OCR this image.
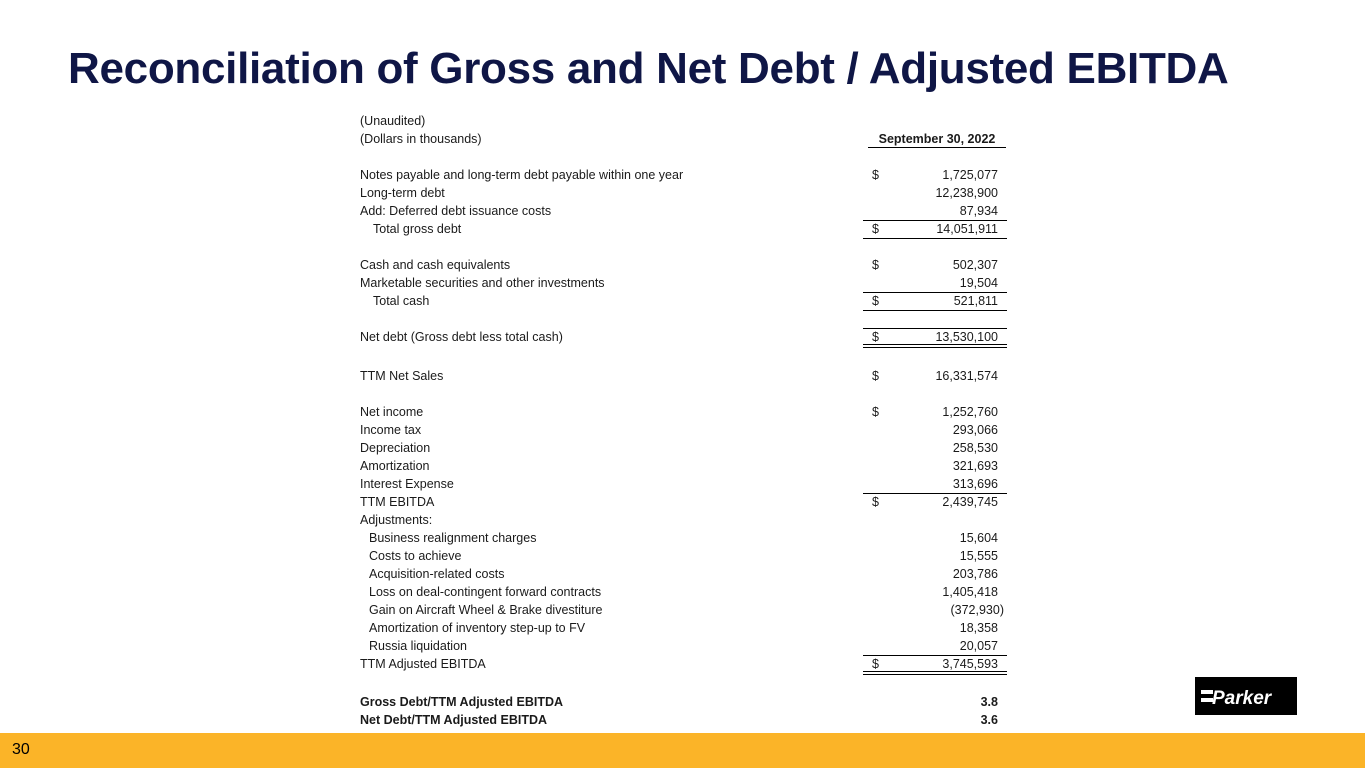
Reconciliation of Gross and Net Debt / Adjusted EBITDA
(Unaudited)
(Dollars in thousands)	September 30, 2022
Notes payable and long-term debt payable within one year	$	1,725,077
Long-term debt	12,238,900
Add: Deferred debt issuance costs	87,934
Total gross debt	$	14,051,911
Cash and cash equivalents	$	502,307
Marketable securities and other investments	19,504
Total cash	$	521,811
Net debt (Gross debt less total cash)	$	13,530,100
TTM Net Sales	$	16,331,574
Net income	$	1,252,760
Income tax	293,066
Depreciation	258,530
Amortization	321,693
Interest Expense	313,696
TTM EBITDA	$	2,439,745
Adjustments:
Business realignment charges	15,604
Costs to achieve	15,555
Acquisition-related costs	203,786
Loss on deal-contingent forward contracts	1,405,418
Gain on Aircraft Wheel & Brake divestiture	(372,930)
Amortization of inventory step-up to FV	18,358
Russia liquidation	20,057
TTM Adjusted EBITDA	$	3,745,593
Gross Debt/TTM Adjusted EBITDA	3.8
Net Debt/TTM Adjusted EBITDA	3.6
Parker
30
